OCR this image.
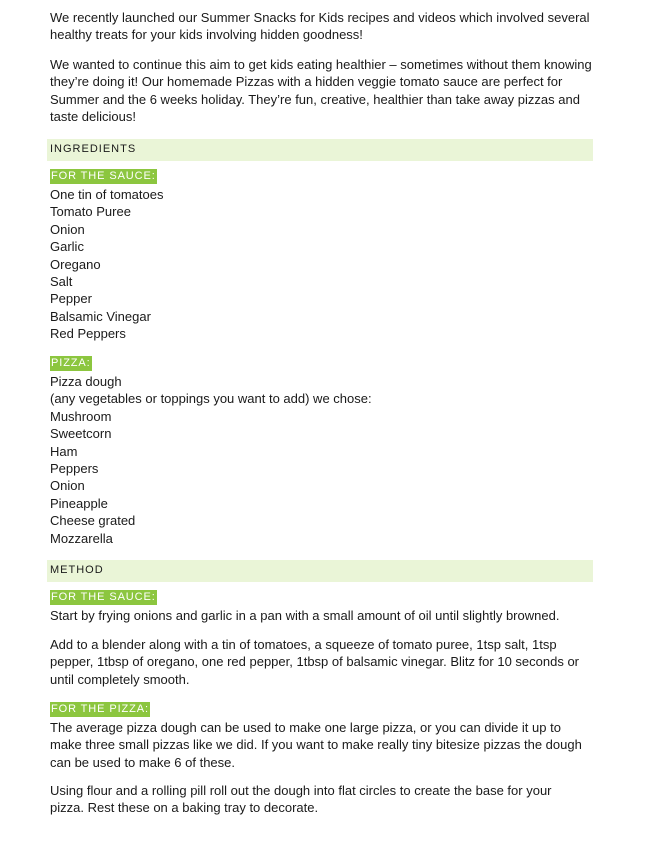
We recently launched our Summer Snacks for Kids recipes and videos which involved several healthy treats for your kids involving hidden goodness!

We wanted to continue this aim to get kids eating healthier – sometimes without them knowing they’re doing it! Our homemade Pizzas with a hidden veggie tomato sauce are perfect for Summer and the 6 weeks holiday. They’re fun, creative, healthier than take away pizzas and taste delicious!

INGREDIENTS
FOR THE SAUCE:
One tin of tomatoes
Tomato Puree
Onion
Garlic
Oregano
Salt
Pepper
Balsamic Vinegar
Red Peppers
PIZZA:
Pizza dough
(any vegetables or toppings you want to add) we chose:
Mushroom
Sweetcorn
Ham
Peppers
Onion
Pineapple
Cheese grated
Mozzarella
METHOD
FOR THE SAUCE:

Start by frying onions and garlic in a pan with a small amount of oil until slightly browned.

Add to a blender along with a tin of tomatoes, a squeeze of tomato puree, 1tsp salt, 1tsp pepper, 1tbsp of oregano, one red pepper, 1tbsp of balsamic vinegar. Blitz for 10 seconds or until completely smooth.

FOR THE PIZZA:

The average pizza dough can be used to make one large pizza, or you can divide it up to make three small pizzas like we did. If you want to make really tiny bitesize pizzas the dough can be used to make 6 of these.

Using flour and a rolling pill roll out the dough into flat circles to create the base for your pizza. Rest these on a baking tray to decorate.
